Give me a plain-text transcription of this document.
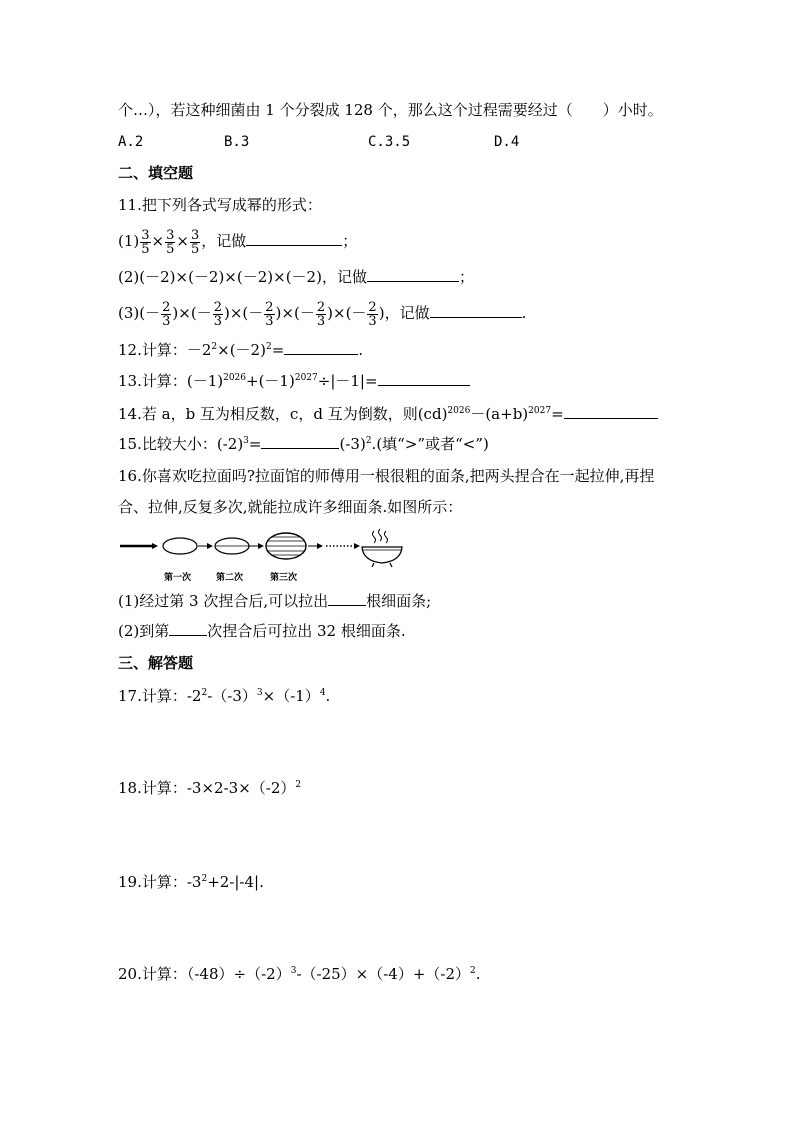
个…），若这种细菌由 1 个分裂成 128 个，那么这个过程需要经过（　　）小时。
A.2	B.3	C.3.5	D.4
二、填空题
11.把下列各式写成幂的形式：
$(1) \frac{3}{5} \times \frac{3}{5} \times \frac{3}{5}$ ，记做	；
(2)(－2)×(－2)×(－2)×(－2)，记做	；
$(3)(- \frac{2}{3}$ )×(－ $\frac{2}{3}$ )×(－ $\frac{2}{3}$ )×(－ $\frac{2}{3}$ )×(－ $\frac{2}{3}$ )，记做	.
12.计算：$-2^2\times(-2)^2=$	.
13.计算：$(-1)^{2026}+(-1)^{2027}\div|-1|=$
14.若 a，b 互为相反数，c，d 互为倒数，则$(cd)^{2026}-(a+b)^{2027}=$
15.比较大小：$(-2)^3=$	$(-3)^2$.(填“>”或者“<”)
16.你喜欢吃拉面吗?拉面馆的师傅用一根很粗的面条,把两头捏合在一起拉伸,再捏
合、拉伸,反复多次,就能拉成许多细面条.如图所示：
第一次	第二次	第三次
(1)经过第 3 次捏合后,可以拉出	根细面条;
(2)到第	次捏合后可拉出 32 根细面条.
三、解答题
17.计算：$-2^2-(-3)^3\times(-1)^4$.
18.计算：$-3\times 2-3\times(-2)^2$
19.计算：$-3^2+2-|-4|$.
20.计算：$(-48)\div(-2)^3-(-25)\times(-4)+(-2)^2$.
